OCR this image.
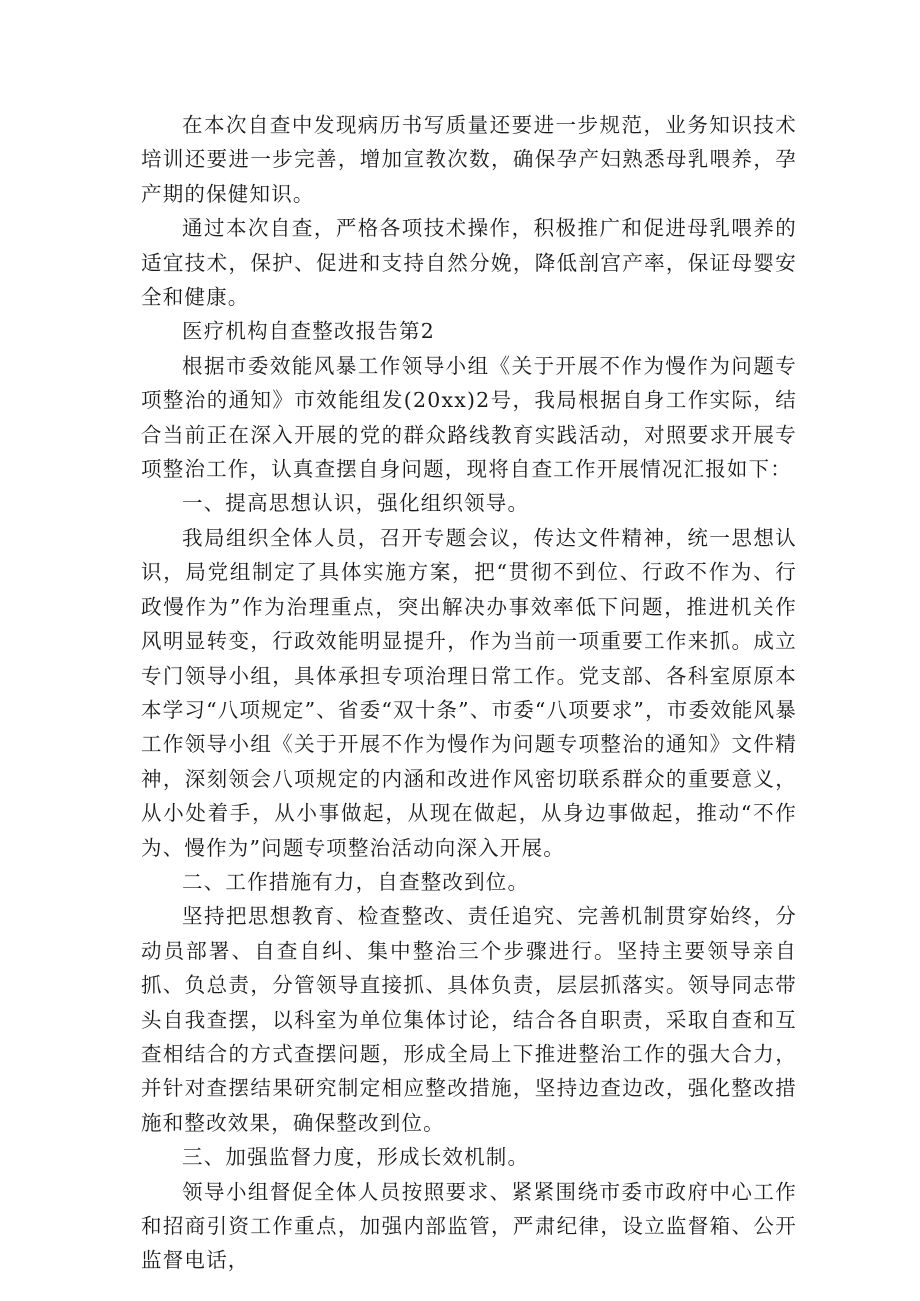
在本次自查中发现病历书写质量还要进一步规范，业务知识技术培训还要进一步完善，增加宣教次数，确保孕产妇熟悉母乳喂养，孕产期的保健知识。

通过本次自查，严格各项技术操作，积极推广和促进母乳喂养的适宜技术，保护、促进和支持自然分娩，降低剖宫产率，保证母婴安全和健康。

医疗机构自查整改报告第2

根据市委效能风暴工作领导小组《关于开展不作为慢作为问题专项整治的通知》市效能组发(20xx)2号，我局根据自身工作实际，结合当前正在深入开展的党的群众路线教育实践活动，对照要求开展专项整治工作，认真查摆自身问题，现将自查工作开展情况汇报如下：

一、提高思想认识，强化组织领导。

我局组织全体人员，召开专题会议，传达文件精神，统一思想认识，局党组制定了具体实施方案，把“贯彻不到位、行政不作为、行政慢作为”作为治理重点，突出解决办事效率低下问题，推进机关作风明显转变，行政效能明显提升，作为当前一项重要工作来抓。成立专门领导小组，具体承担专项治理日常工作。党支部、各科室原原本本学习“八项规定”、省委“双十条”、市委“八项要求”，市委效能风暴工作领导小组《关于开展不作为慢作为问题专项整治的通知》文件精神，深刻领会八项规定的内涵和改进作风密切联系群众的重要意义，从小处着手，从小事做起，从现在做起，从身边事做起，推动“不作为、慢作为”问题专项整治活动向深入开展。

二、工作措施有力，自查整改到位。

坚持把思想教育、检查整改、责任追究、完善机制贯穿始终，分动员部署、自查自纠、集中整治三个步骤进行。坚持主要领导亲自抓、负总责，分管领导直接抓、具体负责，层层抓落实。领导同志带头自我查摆，以科室为单位集体讨论，结合各自职责，采取自查和互查相结合的方式查摆问题，形成全局上下推进整治工作的强大合力，并针对查摆结果研究制定相应整改措施，坚持边查边改，强化整改措施和整改效果，确保整改到位。

三、加强监督力度，形成长效机制。

领导小组督促全体人员按照要求、紧紧围绕市委市政府中心工作和招商引资工作重点，加强内部监管，严肃纪律，设立监督箱、公开监督电话，
